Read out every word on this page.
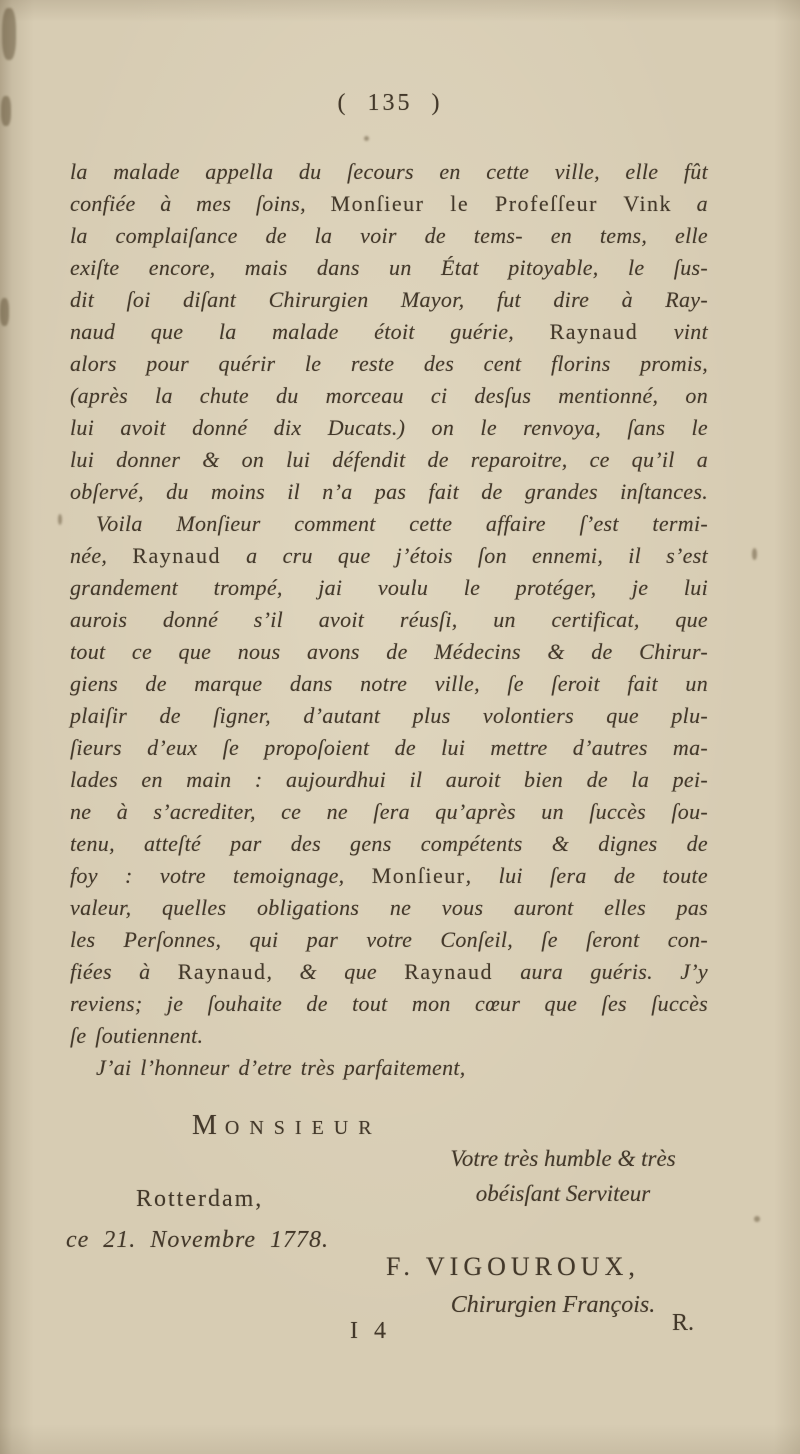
( 135 )
la malade appella du ſecours en cette ville, elle fût
confiée à mes ſoins, Monſieur le Profeſſeur Vink a
la complaiſance de la voir de tems- en tems, elle
exiſte encore, mais dans un État pitoyable, le ſus-
dit ſoi diſant Chirurgien Mayor, fut dire à Ray-
naud que la malade étoit guérie, Raynaud vint
alors pour quérir le reste des cent florins promis,
(après la chute du morceau ci desſus mentionné, on
lui avoit donné dix Ducats.) on le renvoya, ſans le
lui donner & on lui défendit de reparoitre, ce qu’il a
obſervé, du moins il n’a pas fait de grandes inſtances.
Voila Monſieur comment cette affaire ſ’est termi-
née, Raynaud a cru que j’étois ſon ennemi, il s’est
grandement trompé, jai voulu le protéger, je lui
aurois donné s’il avoit réusſi, un certificat, que
tout ce que nous avons de Médecins & de Chirur-
giens de marque dans notre ville, ſe ſeroit fait un
plaiſir de ſigner, d’autant plus volontiers que plu-
ſieurs d’eux ſe propoſoient de lui mettre d’autres ma-
lades en main : aujourdhui il auroit bien de la pei-
ne à s’acrediter, ce ne ſera qu’après un ſuccès ſou-
tenu, atteſté par des gens compétents & dignes de
foy : votre temoignage, Monſieur, lui ſera de toute
valeur, quelles obligations ne vous auront elles pas
les Perſonnes, qui par votre Conſeil, ſe ſeront con-
fiées à Raynaud, & que Raynaud aura guéris. J’y
reviens; je ſouhaite de tout mon cœur que ſes ſuccès
ſe ſoutiennent.
J’ai l’honneur d’etre très parfaitement,
MONSIEUR
Votre très humble & très
obéisſant Serviteur
Rotterdam,
ce 21. Novembre 1778.
F. VIGOUROUX,
Chirurgien François.
I 4	R.
